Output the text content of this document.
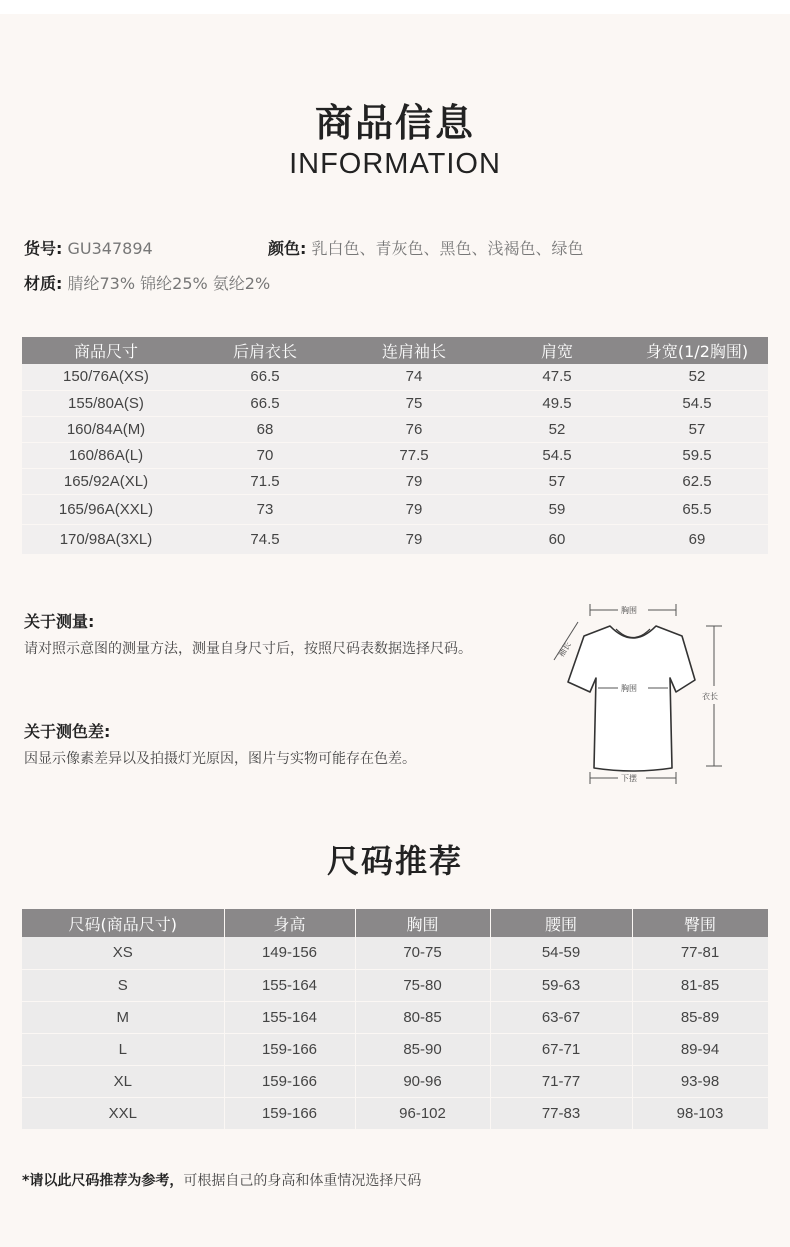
商品信息
INFORMATION
货号: GU347894	颜色: 乳白色、青灰色、黑色、浅褐色、绿色
材质: 腈纶73% 锦纶25% 氨纶2%
商品尺寸	后肩衣长	连肩袖长	肩宽	身宽(1/2胸围)
150/76A(XS)	66.5	74	47.5	52
155/80A(S)	66.5	75	49.5	54.5
160/84A(M)	68	76	52	57
160/86A(L)	70	77.5	54.5	59.5
165/92A(XL)	71.5	79	57	62.5
165/96A(XXL)	73	79	59	65.5
170/98A(3XL)	74.5	79	60	69
关于测量:
请对照示意图的测量方法，测量自身尺寸后，按照尺码表数据选择尺码。
关于测色差:
因显示像素差异以及拍摄灯光原因，图片与实物可能存在色差。
胸围
袖长
胸围
衣长
下摆
尺码推荐
尺码(商品尺寸)	身高	胸围	腰围	臀围
XS	149-156	70-75	54-59	77-81
S	155-164	75-80	59-63	81-85
M	155-164	80-85	63-67	85-89
L	159-166	85-90	67-71	89-94
XL	159-166	90-96	71-77	93-98
XXL	159-166	96-102	77-83	98-103
*请以此尺码推荐为参考，可根据自己的身高和体重情况选择尺码
